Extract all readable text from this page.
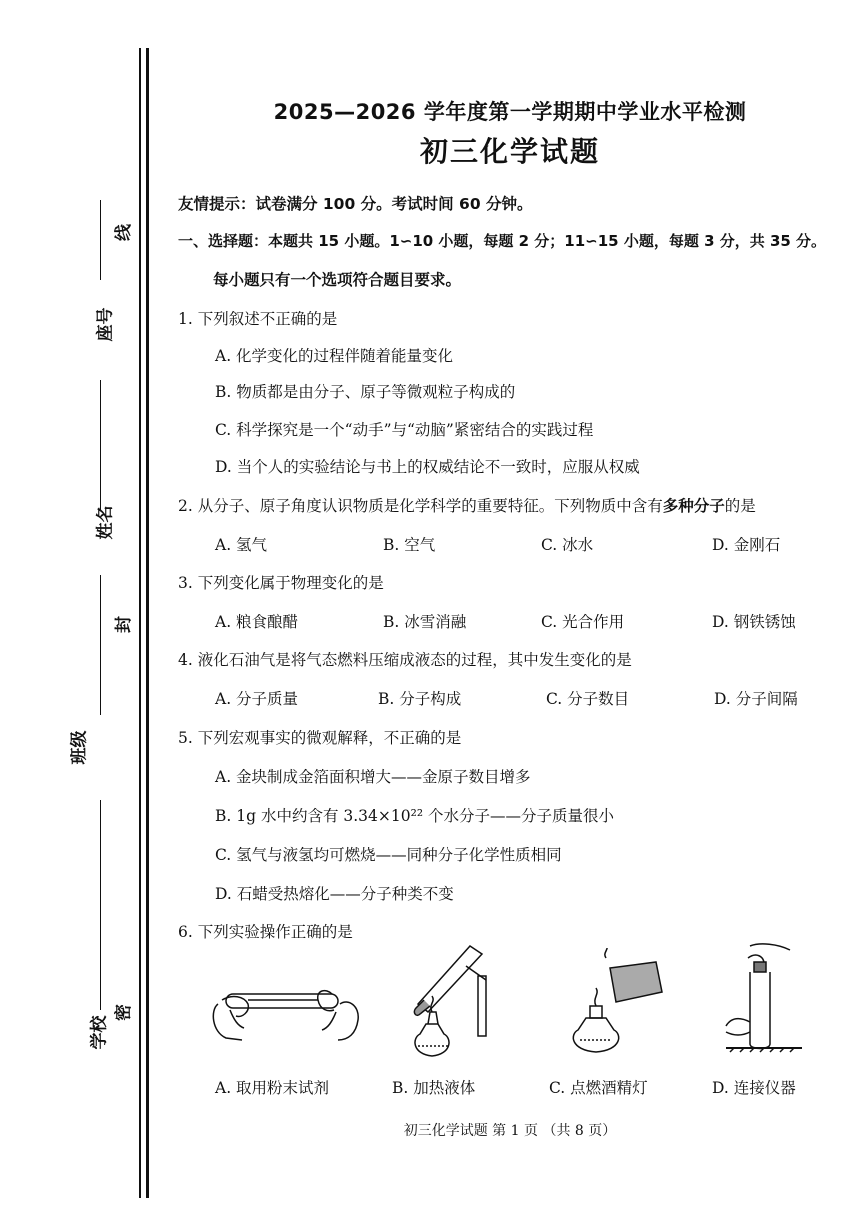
座号
姓名
班级
学校
线
封
密
2025—2026 学年度第一学期期中学业水平检测
初三化学试题
友情提示：试卷满分 100 分。考试时间 60 分钟。
一、选择题：本题共 15 小题。1∽10 小题，每题 2 分；11∽15 小题，每题 3 分，共 35 分。
每小题只有一个选项符合题目要求。
1. 下列叙述不正确的是
A. 化学变化的过程伴随着能量变化
B. 物质都是由分子、原子等微观粒子构成的
C. 科学探究是一个“动手”与“动脑”紧密结合的实践过程
D. 当个人的实验结论与书上的权威结论不一致时，应服从权威
2. 从分子、原子角度认识物质是化学科学的重要特征。下列物质中含有多种分子的是
A. 氢气	B. 空气	C. 冰水	D. 金刚石
3. 下列变化属于物理变化的是
A. 粮食酿醋	B. 冰雪消融	C. 光合作用	D. 钢铁锈蚀
4. 液化石油气是将气态燃料压缩成液态的过程，其中发生变化的是
A. 分子质量	B. 分子构成	C. 分子数目	D. 分子间隔
5. 下列宏观事实的微观解释，不正确的是
A. 金块制成金箔面积增大——金原子数目增多
B. 1g 水中约含有 3.34×10²² 个水分子——分子质量很小
C. 氢气与液氢均可燃烧——同种分子化学性质相同
D. 石蜡受热熔化——分子种类不变
6. 下列实验操作正确的是
A. 取用粉末试剂	B. 加热液体	C. 点燃酒精灯	D. 连接仪器
初三化学试题 第 1 页 （共 8 页）
